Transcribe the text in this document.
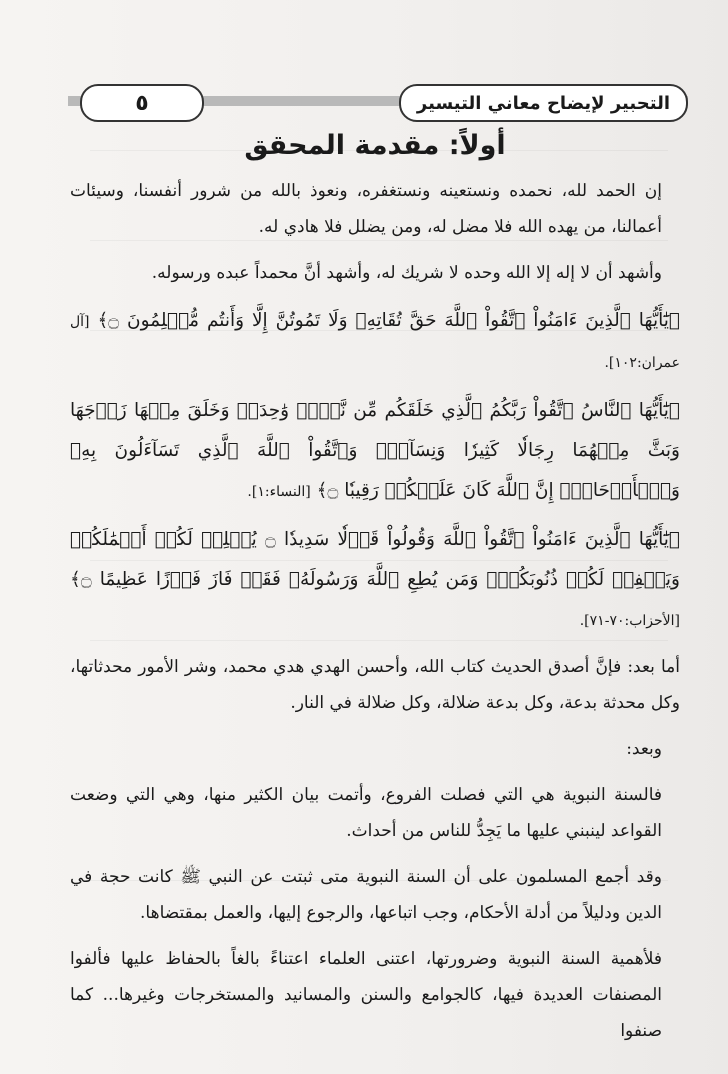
٥	التحبير لإيضاح معاني التيسير
أولاً: مقدمة المحقق

إن الحمد لله، نحمده ونستعينه ونستغفره، ونعوذ بالله من شرور أنفسنا، وسيئات أعمالنا، من يهده الله فلا مضل له، ومن يضلل فلا هادي له.

وأشهد أن لا إله إلا الله وحده لا شريك له، وأشهد أنَّ محمداً عبده ورسوله.

﴿يَٰٓأَيُّهَا ٱلَّذِينَ ءَامَنُواْ ٱتَّقُواْ ٱللَّهَ حَقَّ تُقَاتِهِۦ وَلَا تَمُوتُنَّ إِلَّا وَأَنتُم مُّسۡلِمُونَ ۝﴾ [آل عمران:١٠٢].

﴿يَٰٓأَيُّهَا ٱلنَّاسُ ٱتَّقُواْ رَبَّكُمُ ٱلَّذِي خَلَقَكُم مِّن نَّفۡسٖ وَٰحِدَةٖ وَخَلَقَ مِنۡهَا زَوۡجَهَا وَبَثَّ مِنۡهُمَا رِجَالٗا كَثِيرٗا وَنِسَآءٗۚ وَٱتَّقُواْ ٱللَّهَ ٱلَّذِي تَسَآءَلُونَ بِهِۦ وَٱلۡأَرۡحَامَۚ إِنَّ ٱللَّهَ كَانَ عَلَيۡكُمۡ رَقِيبٗا ۝﴾ [النساء:١].

﴿يَٰٓأَيُّهَا ٱلَّذِينَ ءَامَنُواْ ٱتَّقُواْ ٱللَّهَ وَقُولُواْ قَوۡلٗا سَدِيدٗا ۝ يُصۡلِحۡ لَكُمۡ أَعۡمَٰلَكُمۡ وَيَغۡفِرۡ لَكُمۡ ذُنُوبَكُمۡۗ وَمَن يُطِعِ ٱللَّهَ وَرَسُولَهُۥ فَقَدۡ فَازَ فَوۡزًا عَظِيمًا ۝﴾ [الأحزاب:٧٠-٧١].

أما بعد: فإنَّ أصدق الحديث كتاب الله، وأحسن الهدي هدي محمد، وشر الأمور محدثاتها، وكل محدثة بدعة، وكل بدعة ضلالة، وكل ضلالة في النار.

وبعد:

فالسنة النبوية هي التي فصلت الفروع، وأتمت بيان الكثير منها، وهي التي وضعت القواعد لينبني عليها ما يَجِدُّ للناس من أحداث.

وقد أجمع المسلمون على أن السنة النبوية متى ثبتت عن النبي ﷺ كانت حجة في الدين ودليلاً من أدلة الأحكام، وجب اتباعها، والرجوع إليها، والعمل بمقتضاها.

فلأهمية السنة النبوية وضرورتها، اعتنى العلماء اعتناءً بالغاً بالحفاظ عليها فألفوا المصنفات العديدة فيها، كالجوامع والسنن والمسانيد والمستخرجات وغيرها... كما صنفوا
